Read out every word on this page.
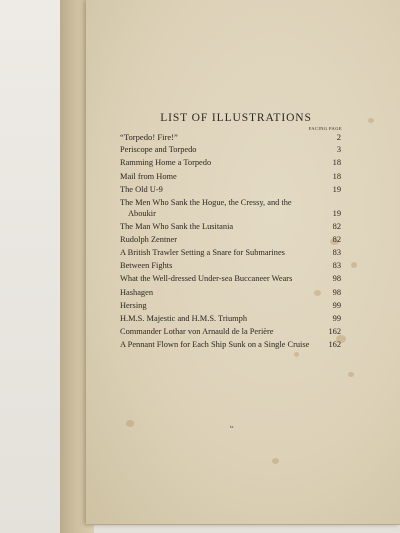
LIST OF ILLUSTRATIONS
FACING PAGE
“Torpedo! Fire!”	2
Periscope and Torpedo	3
Ramming Home a Torpedo	18
Mail from Home	18
The Old U-9	19
The Men Who Sank the Hogue, the Cressy, and the Aboukir	19
The Man Who Sank the Lusitania	82
Rudolph Zentner	82
A British Trawler Setting a Snare for Submarines	83
Between Fights	83
What the Well-dressed Under-sea Buccaneer Wears	98
Hashagen	98
Hersing	99
H.M.S. Majestic and H.M.S. Triumph	99
Commander Lothar von Arnauld de la Perière	162
A Pennant Flown for Each Ship Sunk on a Single Cruise	162
ix
